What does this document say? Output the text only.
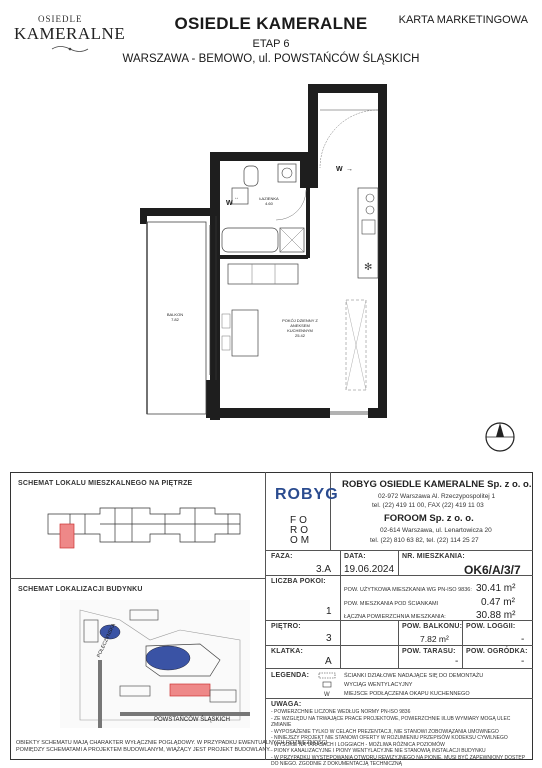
OSIEDLE
KAMERALNE
OSIEDLE KAMERALNE
ETAP 6
WARSZAWA - BEMOWO, ul. POWSTAŃCÓW ŚLĄSKICH
KARTA MARKETINGOWA
↔
✻
ŁAZIENKA
4.60
BALKON
7.82	POKÓJ DZIENNY Z
ANEKSEM
KUCHENNYM
25.42
W
W →
SCHEMAT LOKALU MIESZKALNEGO NA PIĘTRZE
SCHEMAT LOKALIZACJI BUDYNKU
POLECZYNSKA
POWSTAŃCÓW ŚLĄSKICH
OBIEKTY SCHEMATU MAJĄ CHARAKTER WYŁĄCZNIE POGLĄDOWY. W PRZYPADKU EWENTUALNYCH ROZBIEŻNOŚCI
POMIĘDZY SCHEMATAMI A PROJEKTEM BUDOWLANYM, WIĄŻĄCY JEST PROJEKT BUDOWLANY.
ROBYG
ROBYG OSIEDLE KAMERALNE Sp. z o. o.
02-972 Warszawa Al. Rzeczypospolitej 1
tel. (22) 419 11 00, FAX (22) 419 11 03
FO
RO
OM
FOROOM Sp. z o. o.
02-614 Warszawa, ul. Lenartowicza 20
tel. (22) 810 63 82, tel. (22) 114 25 27
FAZA:
3.A
DATA:
19.06.2024
NR. MIESZKANIA:
OK6/A/3/7
LICZBA POKOI:
1
POW. UŻYTKOWA MIESZKANIA WG PN-ISO 9836: 30.41 m²
POW. MIESZKANIA POD ŚCIANKAMI	0.47 m²
ŁĄCZNA POWIERZCHNIA MIESZKANIA:	30.88 m²
PIĘTRO:
3
POW. BALKONU:
7.82 m²
POW. LOGGII:
-
KLATKA:
A
POW. TARASU:
-
POW. OGRÓDKA:
-
LEGENDA:
W
ŚCIANKI DZIAŁOWE NADAJĄCE SIĘ DO DEMONTAŻU
WYCIĄG WENTYLACYJNY
MIEJSCE PODŁĄCZENIA OKAPU KUCHENNEGO
UWAGA:
- POWIERZCHNIE LICZONE WEDŁUG NORMY PN-ISO 9836
- ZE WZGLĘDU NA TRWAJĄCE PRACE PROJEKTOWE, POWIERZCHNIE I/LUB WYMIARY MOGĄ ULEC ZMIANIE
- WYPOSAŻENIE TYLKO W CELACH PREZENTACJI, NIE STANOWI ZOBOWIĄZANIA UMOWNEGO
- NINIEJSZY PROJEKT NIE STANOWI OFERTY W ROZUMIENIU PRZEPISÓW KODEKSU CYWILNEGO
- WYSOKIE NA TARASACH I LOGGIACH - MOŻLIWA RÓŻNICA POZIOMÓW
- PIONY KANALIZACYJNE I PIONY WENTYLACYJNE NIE STANOWIĄ INSTALACJI BUDYNKU
- W PRZYPADKU WYSTĘPOWANIA OTWORU REWIZYJNEGO NA PIONIE, MUSI BYĆ ZAPEWNIONY DOSTĘP DO NIEGO. ZGODNIE Z DOKUMENTACJĄ TECHNICZNĄ
